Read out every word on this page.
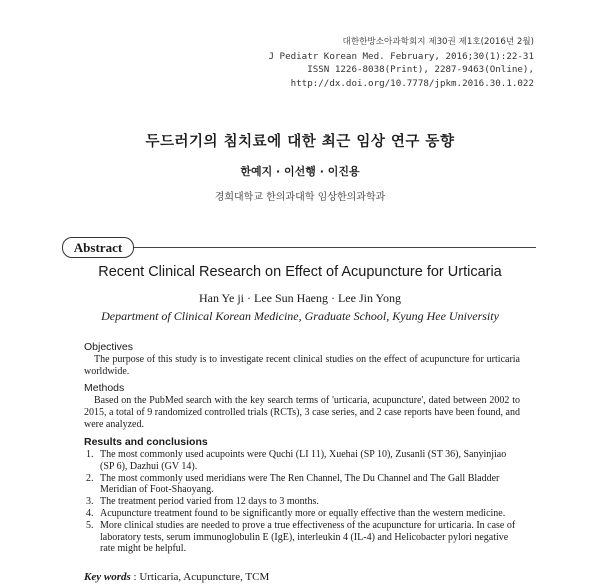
대한한방소아과학회지 제30권 제1호(2016년 2월)
J Pediatr Korean Med. February, 2016;30(1):22-31
ISSN 1226-8038(Print), 2287-9463(Online),
http://dx.doi.org/10.7778/jpkm.2016.30.1.022
두드러기의 침치료에 대한 최근 임상 연구 동향
한예지 · 이선행 · 이진용
경희대학교 한의과대학 임상한의과학과
Abstract
Recent Clinical Research on Effect of Acupuncture for Urticaria
Han Ye ji · Lee Sun Haeng · Lee Jin Yong
Department of Clinical Korean Medicine, Graduate School, Kyung Hee University
Objectives
The purpose of this study is to investigate recent clinical studies on the effect of acupuncture for urticaria worldwide.
Methods
Based on the PubMed search with the key search terms of 'urticaria, acupuncture', dated between 2002 to 2015, a total of 9 randomized controlled trials (RCTs), 3 case series, and 2 case reports have been found, and were analyzed.
Results and conclusions
1. The most commonly used acupoints were Quchi (LI 11), Xuehai (SP 10), Zusanli (ST 36), Sanyinjiao (SP 6), Dazhui (GV 14).
2. The most commonly used meridians were The Ren Channel, The Du Channel and The Gall Bladder Meridian of Foot-Shaoyang.
3. The treatment period varied from 12 days to 3 months.
4. Acupuncture treatment found to be significantly more or equally effective than the western medicine.
5. More clinical studies are needed to prove a true effectiveness of the acupuncture for urticaria. In case of laboratory tests, serum immunoglobulin E (IgE), interleukin 4 (IL-4) and Helicobacter pylori negative rate might be helpful.
Key words : Urticaria, Acupuncture, TCM
